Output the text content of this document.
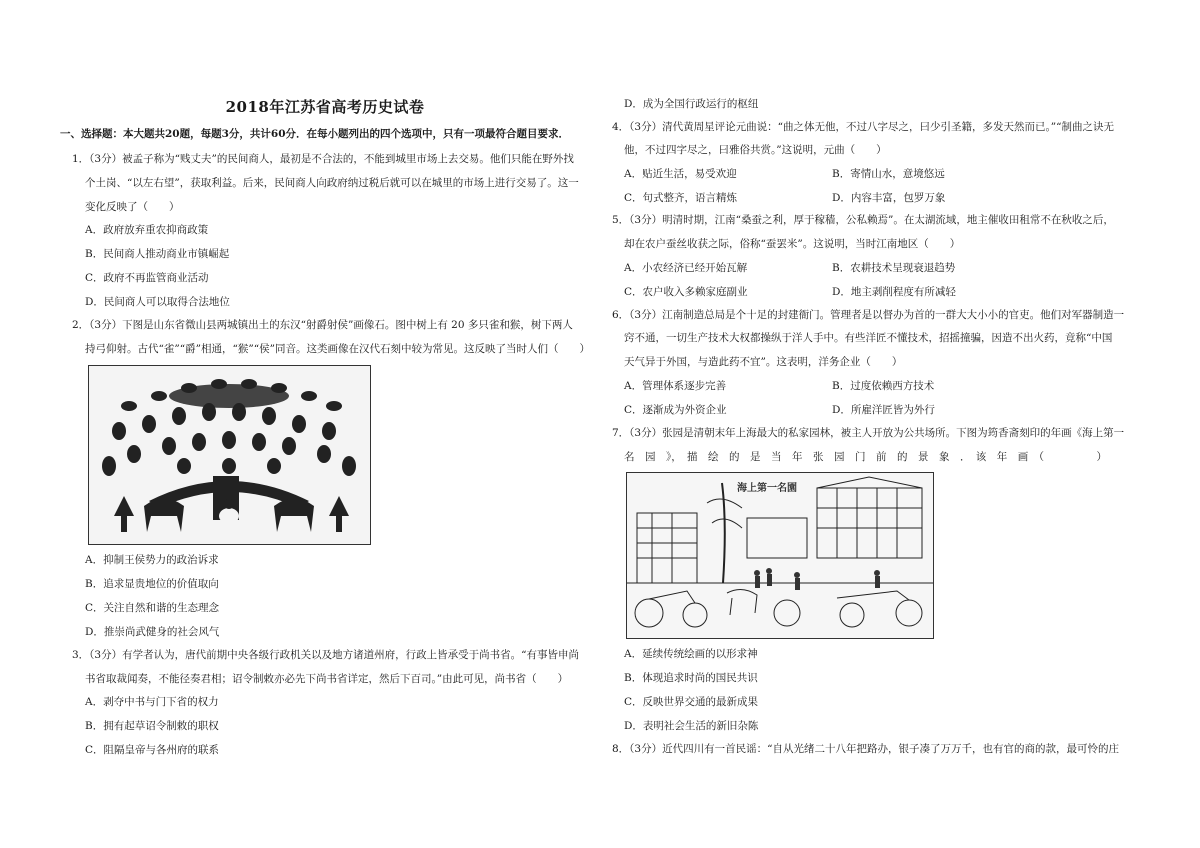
2018年江苏省高考历史试卷
一、选择题：本大题共20题，每题3分，共计60分．在每小题列出的四个选项中，只有一项最符合题目要求．
1．（3分）被孟子称为“贱丈夫”的民间商人，最初是不合法的，不能到城里市场上去交易。他们只能在野外找
个土岗、“以左右望”，获取利益。后来，民间商人向政府纳过税后就可以在城里的市场上进行交易了。这一
变化反映了（　　）
A．政府放弃重农抑商政策
B．民间商人推动商业市镇崛起
C．政府不再监管商业活动
D．民间商人可以取得合法地位
2．（3分）下图是山东省微山县两城镇出土的东汉“射爵射侯”画像石。图中树上有 20 多只雀和猴，树下两人
持弓仰射。古代“雀”“爵”相通，“猴”“侯”同音。这类画像在汉代石刻中较为常见。这反映了当时人们（　　）
A．抑制王侯势力的政治诉求
B．追求显贵地位的价值取向
C．关注自然和谐的生态理念
D．推崇尚武健身的社会风气
3．（3分）有学者认为，唐代前期中央各级行政机关以及地方诸道州府，行政上皆承受于尚书省。“有事皆申尚
书省取裁闻奏，不能径奏君相；诏令制敕亦必先下尚书省详定，然后下百司。”由此可见，尚书省（　　）
A．剥夺中书与门下省的权力
B．拥有起草诏令制敕的职权
C．阻隔皇帝与各州府的联系
D．成为全国行政运行的枢纽
4．（3分）清代黄周星评论元曲说：“曲之体无他，不过八字尽之，曰少引圣籍，多发天然而已。”“制曲之诀无
他，不过四字尽之，曰雅俗共赏。”这说明，元曲（　　）
A．贴近生活，易受欢迎	B．寄情山水，意境悠远
C．句式整齐，语言精炼	D．内容丰富，包罗万象
5．（3分）明清时期，江南“桑蚕之利，厚于稼穑，公私赖焉”。在太湖流域，地主催收田租常不在秋收之后，
却在农户蚕丝收获之际，俗称“蚕罢米”。这说明，当时江南地区（　　）
A．小农经济已经开始瓦解	B．农耕技术呈现衰退趋势
C．农户收入多赖家庭副业	D．地主剥削程度有所减轻
6．（3分）江南制造总局是个十足的封建衙门。管理者是以督办为首的一群大大小小的官吏。他们对军器制造一
窍不通，一切生产技术大权都操纵于洋人手中。有些洋匠不懂技术，招摇撞骗，因造不出火药，竟称“中国
天气异于外国，与造此药不宜”。这表明，洋务企业（　　）
A．管理体系逐步完善	B．过度依赖西方技术
C．逐渐成为外资企业	D．所雇洋匠皆为外行
7．（3分）张园是清朝末年上海最大的私家园林，被主人开放为公共场所。下图为筠香斋刻印的年画《海上第一
名　园　》，　描　绘　的　是　当　年　张　园　门　前　的　景　象　．　该　年　画　（　　　　　）
海上第一名園
A．延续传统绘画的以形求神
B．体现追求时尚的国民共识
C．反映世界交通的最新成果
D．表明社会生活的新旧杂陈
8．（3分）近代四川有一首民谣：“自从光绪二十八年把路办，银子凑了万万千，也有官的商的款，最可怜的庄
